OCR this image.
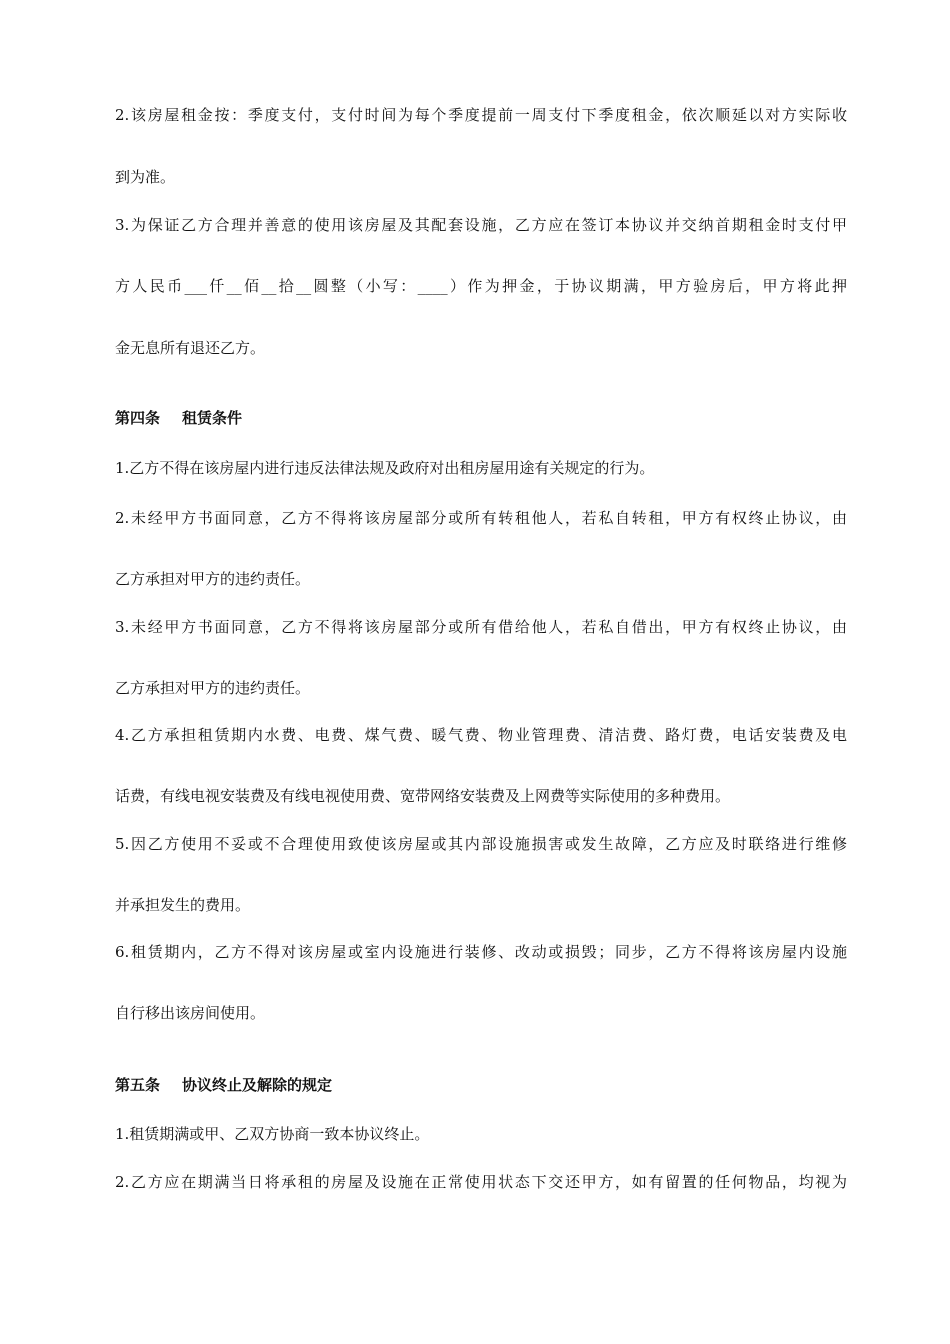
2.该房屋租金按：季度支付，支付时间为每个季度提前一周支付下季度租金，依次顺延以对方实际收
到为准。
3.为保证乙方合理并善意的使用该房屋及其配套设施，乙方应在签订本协议并交纳首期租金时支付甲
方人民币___仟__佰__拾__圆整（小写：____）作为押金，于协议期满，甲方验房后，甲方将此押
金无息所有退还乙方。
第四条 租赁条件
1.乙方不得在该房屋内进行违反法律法规及政府对出租房屋用途有关规定的行为。
2.未经甲方书面同意，乙方不得将该房屋部分或所有转租他人，若私自转租，甲方有权终止协议，由
乙方承担对甲方的违约责任。
3.未经甲方书面同意，乙方不得将该房屋部分或所有借给他人，若私自借出，甲方有权终止协议，由
乙方承担对甲方的违约责任。
4.乙方承担租赁期内水费、电费、煤气费、暖气费、物业管理费、清洁费、路灯费，电话安装费及电
话费，有线电视安装费及有线电视使用费、宽带网络安装费及上网费等实际使用的多种费用。
5.因乙方使用不妥或不合理使用致使该房屋或其内部设施损害或发生故障，乙方应及时联络进行维修
并承担发生的费用。
6.租赁期内，乙方不得对该房屋或室内设施进行装修、改动或损毁；同步，乙方不得将该房屋内设施
自行移出该房间使用。
第五条 协议终止及解除的规定
1.租赁期满或甲、乙双方协商一致本协议终止。
2.乙方应在期满当日将承租的房屋及设施在正常使用状态下交还甲方，如有留置的任何物品，均视为
